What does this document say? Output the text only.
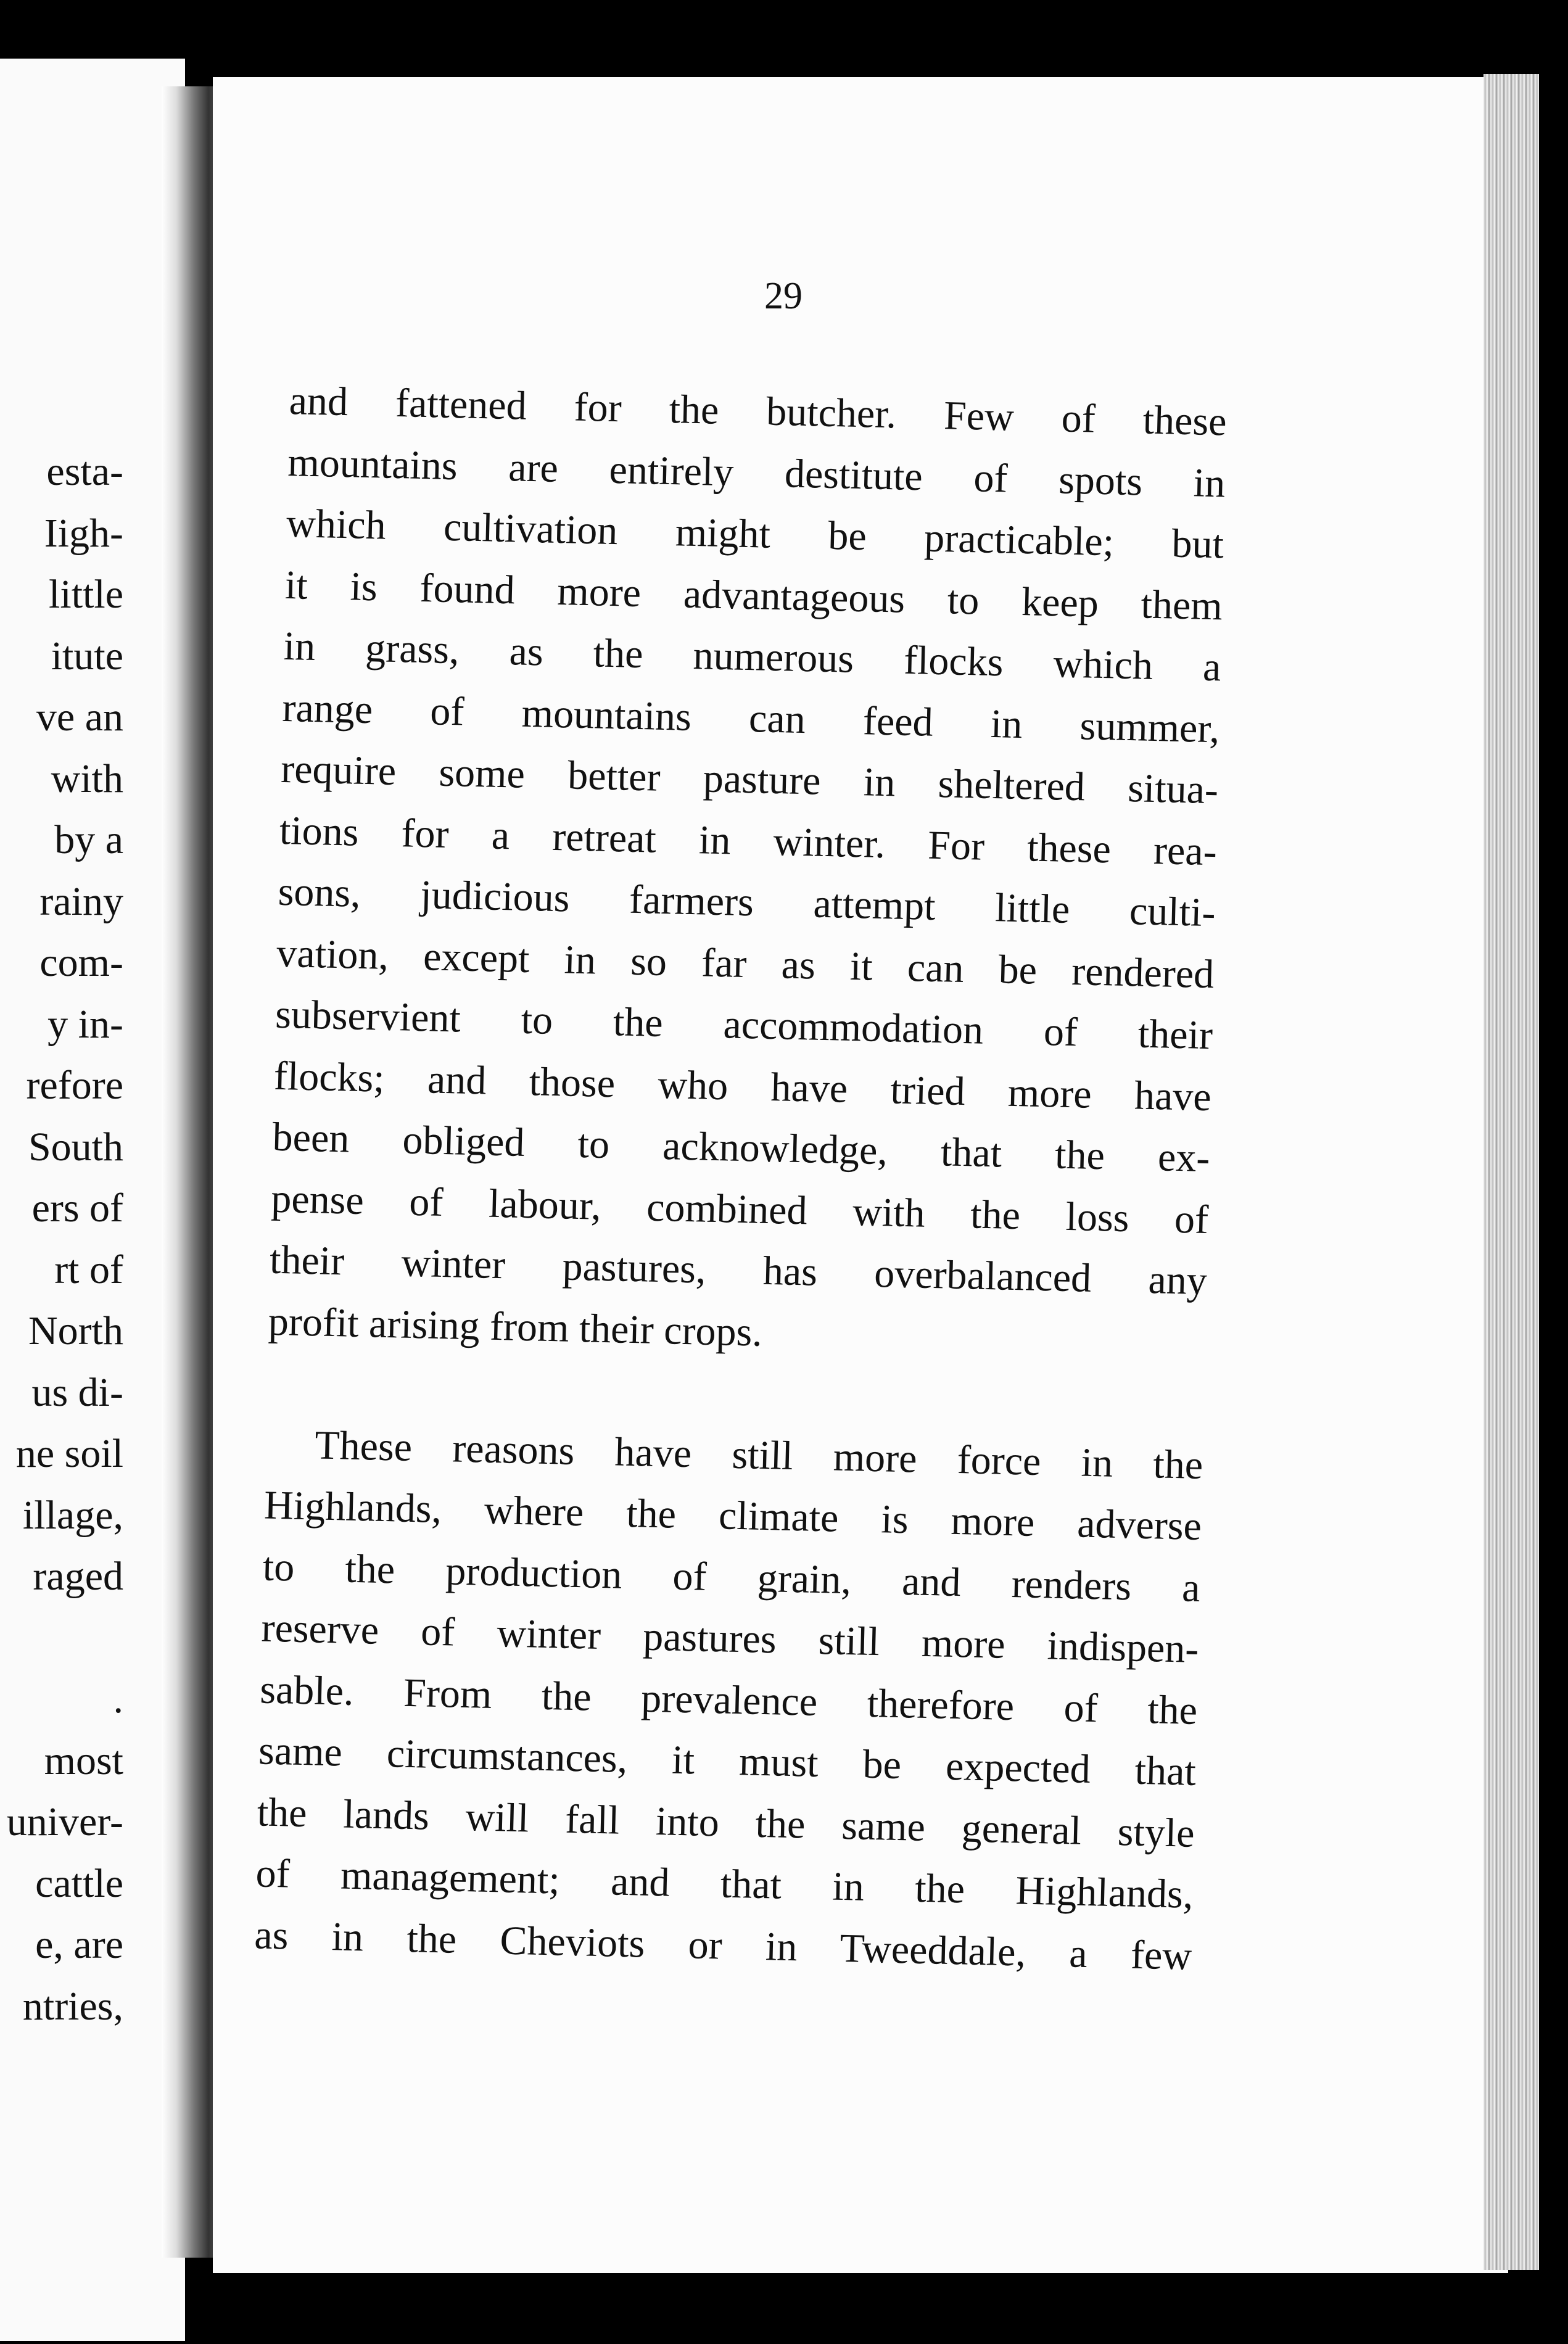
esta-
Iigh-
little
itute
ve an
with
by a
rainy
com-
y in-
refore
South
ers of
rt of
North
us di-
ne soil
illage,
raged

.
most
univer-
cattle
e, are
ntries,
29
and fattened for the butcher. Few of these
mountains are entirely destitute of spots in
which cultivation might be practicable; but
it is found more advantageous to keep them
in grass, as the numerous flocks which a
range of mountains can feed in summer,
require some better pasture in sheltered situa-
tions for a retreat in winter. For these rea-
sons, judicious farmers attempt little culti-
vation, except in so far as it can be rendered
subservient to the accommodation of their
flocks; and those who have tried more have
been obliged to acknowledge, that the ex-
pense of labour, combined with the loss of
their winter pastures, has overbalanced any
profit arising from their crops.
These reasons have still more force in the
Highlands, where the climate is more adverse
to the production of grain, and renders a
reserve of winter pastures still more indispen-
sable. From the prevalence therefore of the
same circumstances, it must be expected that
the lands will fall into the same general style
of management; and that in the Highlands,
as in the Cheviots or in Tweeddale, a few
